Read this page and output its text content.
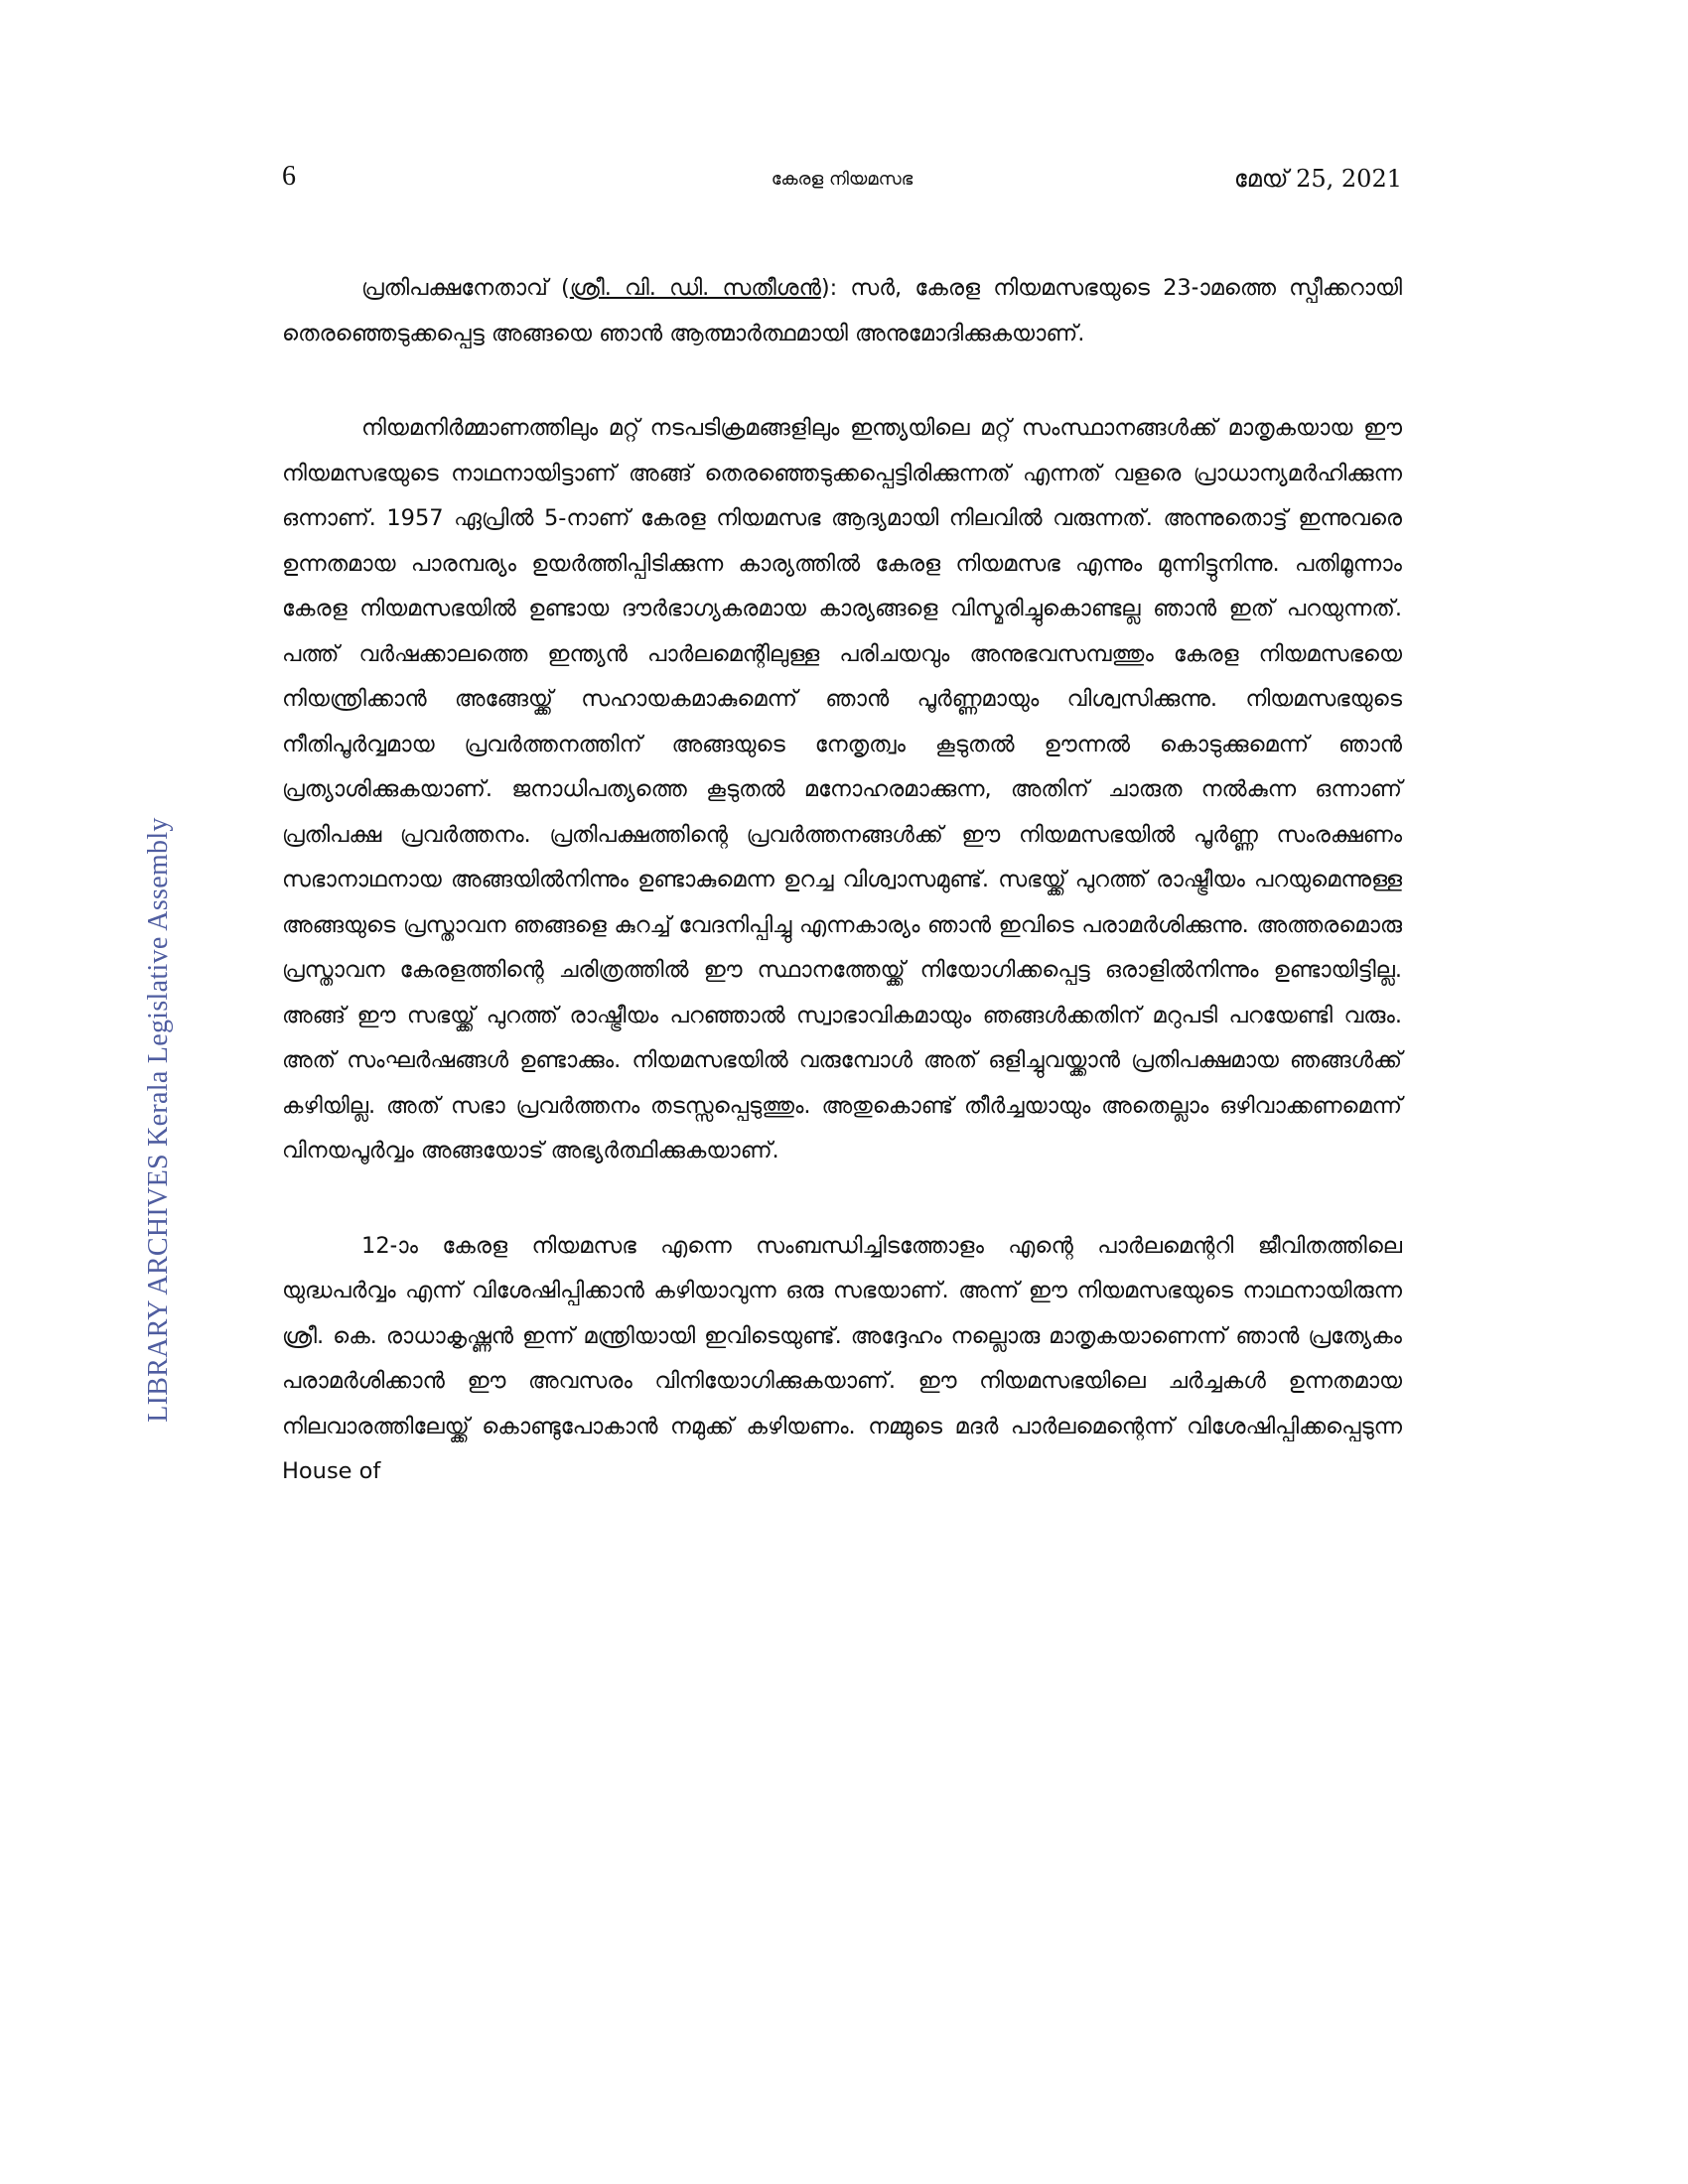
6	കേരള നിയമസഭ	മേയ് 25, 2021
LIBRARY ARCHIVES Kerala Legislative Assembly

പ്രതിപക്ഷനേതാവ് (ശ്രീ. വി. ഡി. സതീശൻ): സർ, കേരള നിയമസഭയുടെ 23-ാമത്തെ സ്പീക്കറായി തെരഞ്ഞെടുക്കപ്പെട്ട അങ്ങയെ ഞാൻ ആത്മാർത്ഥമായി അനുമോദിക്കുകയാണ്.

നിയമനിർമ്മാണത്തിലും മറ്റ് നടപടിക്രമങ്ങളിലും ഇന്ത്യയിലെ മറ്റ് സംസ്ഥാനങ്ങൾക്ക് മാതൃകയായ ഈ നിയമസഭയുടെ നാഥനായിട്ടാണ് അങ്ങ് തെരഞ്ഞെടുക്കപ്പെട്ടിരിക്കുന്നത് എന്നത് വളരെ പ്രാധാന്യമർഹിക്കുന്ന ഒന്നാണ്. 1957 ഏപ്രിൽ 5-നാണ് കേരള നിയമസഭ ആദ്യമായി നിലവിൽ വരുന്നത്. അന്നുതൊട്ട് ഇന്നുവരെ ഉന്നതമായ പാരമ്പര്യം ഉയർത്തിപ്പിടിക്കുന്ന കാര്യത്തിൽ കേരള നിയമസഭ എന്നും മുന്നിട്ടുനിന്നു. പതിമൂന്നാം കേരള നിയമസഭയിൽ ഉണ്ടായ ദൗർഭാഗ്യകരമായ കാര്യങ്ങളെ വിസ്മരിച്ചുകൊണ്ടല്ല ഞാൻ ഇത് പറയുന്നത്. പത്ത് വർഷക്കാലത്തെ ഇന്ത്യൻ പാർലമെന്റിലുള്ള പരിചയവും അനുഭവസമ്പത്തും കേരള നിയമസഭയെ നിയന്ത്രിക്കാൻ അങ്ങേയ്ക്ക് സഹായകമാകുമെന്ന് ഞാൻ പൂർണ്ണമായും വിശ്വസിക്കുന്നു. നിയമസഭയുടെ നീതിപൂർവ്വമായ പ്രവർത്തനത്തിന് അങ്ങയുടെ നേതൃത്വം കൂടുതൽ ഊന്നൽ കൊടുക്കുമെന്ന് ഞാൻ പ്രത്യാശിക്കുകയാണ്. ജനാധിപത്യത്തെ കൂടുതൽ മനോഹരമാക്കുന്ന, അതിന് ചാരുത നൽകുന്ന ഒന്നാണ് പ്രതിപക്ഷ പ്രവർത്തനം. പ്രതിപക്ഷത്തിന്റെ പ്രവർത്തനങ്ങൾക്ക് ഈ നിയമസഭയിൽ പൂർണ്ണ സംരക്ഷണം സഭാനാഥനായ അങ്ങയിൽനിന്നും ഉണ്ടാകുമെന്ന ഉറച്ച വിശ്വാസമുണ്ട്. സഭയ്ക്ക് പുറത്ത് രാഷ്ട്രീയം പറയുമെന്നുള്ള അങ്ങയുടെ പ്രസ്താവന ഞങ്ങളെ കുറച്ച് വേദനിപ്പിച്ചു എന്നകാര്യം ഞാൻ ഇവിടെ പരാമർശിക്കുന്നു. അത്തരമൊരു പ്രസ്താവന കേരളത്തിന്റെ ചരിത്രത്തിൽ ഈ സ്ഥാനത്തേയ്ക്ക് നിയോഗിക്കപ്പെട്ട ഒരാളിൽനിന്നും ഉണ്ടായിട്ടില്ല. അങ്ങ് ഈ സഭയ്ക്ക് പുറത്ത് രാഷ്ട്രീയം പറഞ്ഞാൽ സ്വാഭാവികമായും ഞങ്ങൾക്കതിന് മറുപടി പറയേണ്ടി വരും. അത് സംഘർഷങ്ങൾ ഉണ്ടാക്കും. നിയമസഭയിൽ വരുമ്പോൾ അത് ഒളിച്ചുവയ്ക്കാൻ പ്രതിപക്ഷമായ ഞങ്ങൾക്ക് കഴിയില്ല. അത് സഭാ പ്രവർത്തനം തടസ്സപ്പെടുത്തും. അതുകൊണ്ട് തീർച്ചയായും അതെല്ലാം ഒഴിവാക്കണമെന്ന് വിനയപൂർവ്വം അങ്ങയോട് അഭ്യർത്ഥിക്കുകയാണ്.

12-ാം കേരള നിയമസഭ എന്നെ സംബന്ധിച്ചിടത്തോളം എന്റെ പാർലമെന്ററി ജീവിതത്തിലെ യുദ്ധപർവ്വം എന്ന് വിശേഷിപ്പിക്കാൻ കഴിയാവുന്ന ഒരു സഭയാണ്. അന്ന് ഈ നിയമസഭയുടെ നാഥനായിരുന്ന ശ്രീ. കെ. രാധാകൃഷ്ണൻ ഇന്ന് മന്ത്രിയായി ഇവിടെയുണ്ട്. അദ്ദേഹം നല്ലൊരു മാതൃകയാണെന്ന് ഞാൻ പ്രത്യേകം പരാമർശിക്കാൻ ഈ അവസരം വിനിയോഗിക്കുകയാണ്. ഈ നിയമസഭയിലെ ചർച്ചകൾ ഉന്നതമായ നിലവാരത്തിലേയ്ക്ക് കൊണ്ടുപോകാൻ നമുക്ക് കഴിയണം. നമ്മുടെ മദർ പാർലമെന്റെന്ന് വിശേഷിപ്പിക്കപ്പെടുന്ന House of
